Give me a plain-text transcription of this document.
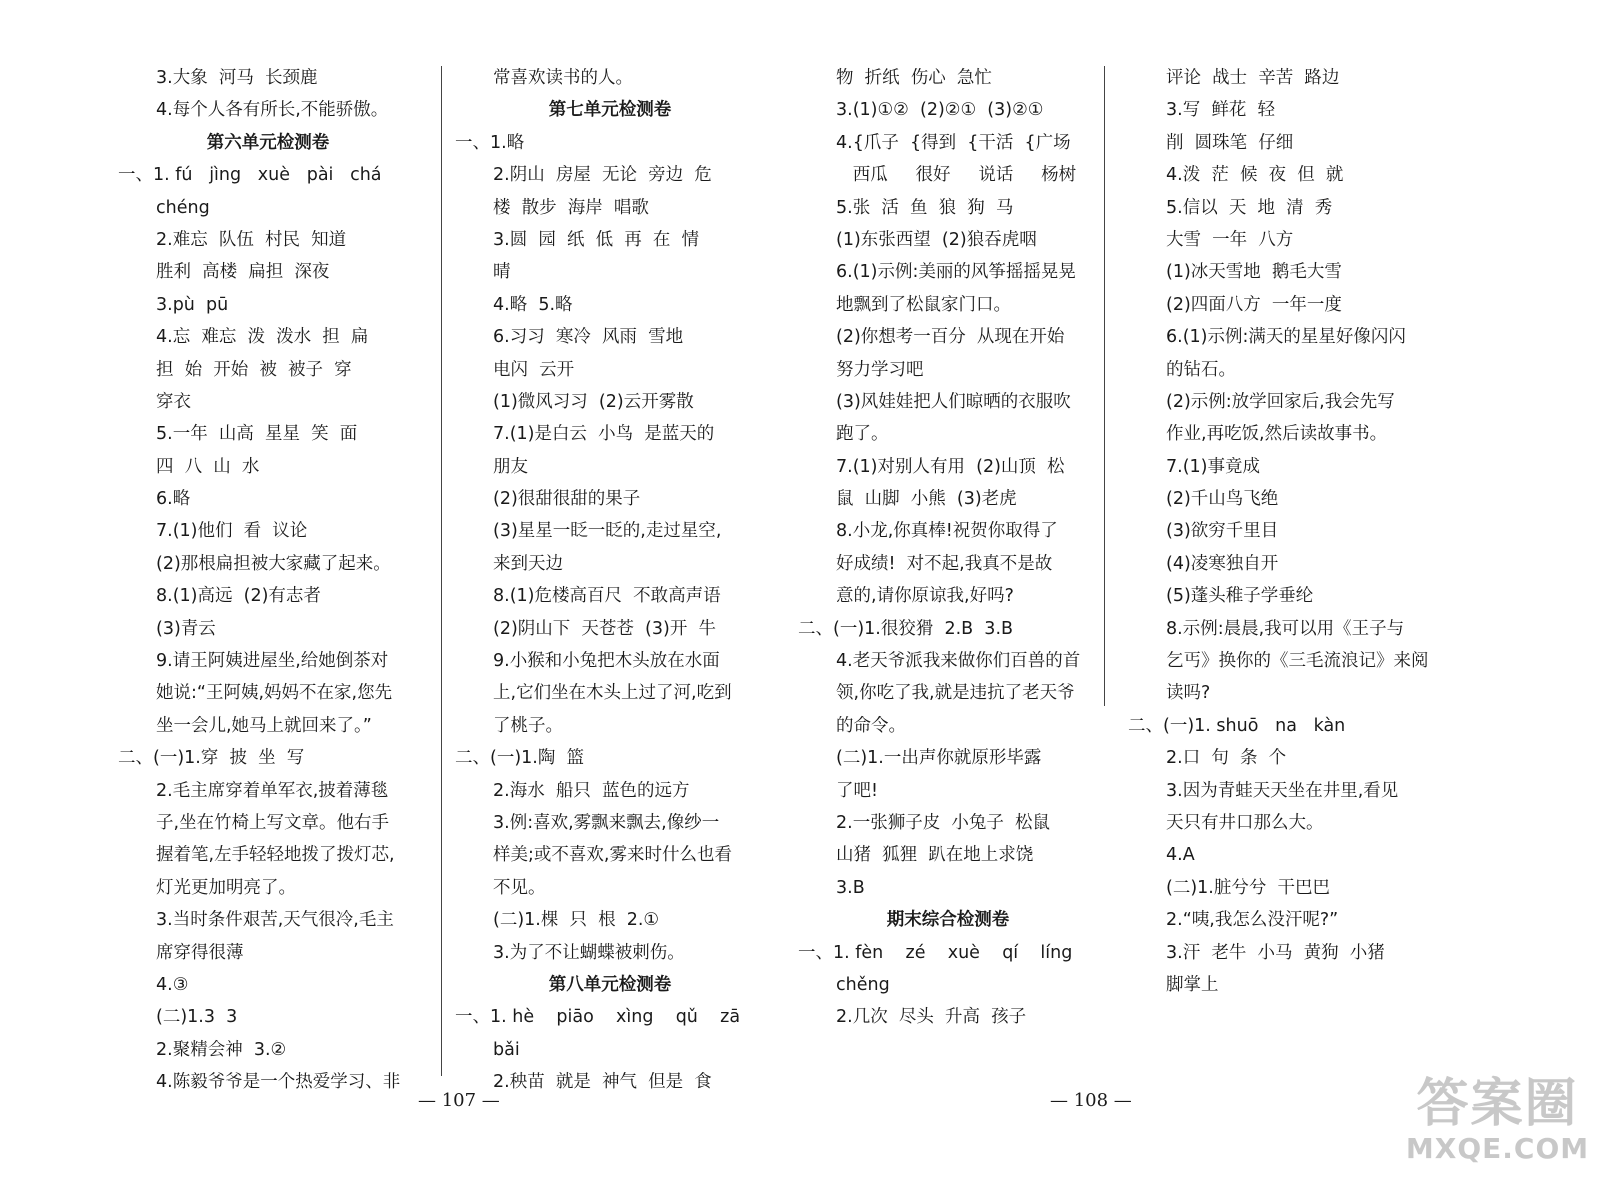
3.大象  河马  长颈鹿
4.每个人各有所长,不能骄傲。
第六单元检测卷
一、1. fú   jìng   xuè   pài   chá
chéng
2.难忘  队伍  村民  知道
胜利  高楼  扁担  深夜
3.pù  pū
4.忘  难忘  泼  泼水  担  扁
担  始  开始  被  被子  穿
穿衣
5.一年  山高  星星  笑  面
四  八  山  水
6.略
7.(1)他们  看  议论
(2)那根扁担被大家藏了起来。
8.(1)高远  (2)有志者
(3)青云
9.请王阿姨进屋坐,给她倒茶对
她说:“王阿姨,妈妈不在家,您先
坐一会儿,她马上就回来了。”
二、(一)1.穿  披  坐  写
2.毛主席穿着单军衣,披着薄毯
子,坐在竹椅上写文章。他右手
握着笔,左手轻轻地拨了拨灯芯,
灯光更加明亮了。
3.当时条件艰苦,天气很冷,毛主
席穿得很薄
4.③
(二)1.3  3
2.聚精会神  3.②
4.陈毅爷爷是一个热爱学习、非
常喜欢读书的人。
第七单元检测卷
一、1.略
2.阴山  房屋  无论  旁边  危
楼  散步  海岸  唱歌
3.圆  园  纸  低  再  在  情
晴
4.略  5.略
6.习习  寒冷  风雨  雪地
电闪  云开
(1)微风习习  (2)云开雾散
7.(1)是白云  小鸟  是蓝天的
朋友
(2)很甜很甜的果子
(3)星星一眨一眨的,走过星空,
来到天边
8.(1)危楼高百尺  不敢高声语
(2)阴山下  天苍苍  (3)开  牛
9.小猴和小兔把木头放在水面
上,它们坐在木头上过了河,吃到
了桃子。
二、(一)1.陶  篮
2.海水  船只  蓝色的远方
3.例:喜欢,雾飘来飘去,像纱一
样美;或不喜欢,雾来时什么也看
不见。
(二)1.棵  只  根  2.①
3.为了不让蝴蝶被刺伤。
第八单元检测卷
一、1. hè    piāo    xìng    qǔ    zā
bǎi
2.秧苗  就是  神气  但是  食
物  折纸  伤心  急忙
3.(1)①②  (2)②①  (3)②①
4.{爪子  {得到  {干活  {广场
西瓜     很好     说话     杨树
5.张  活  鱼  狼  狗  马
(1)东张西望  (2)狼吞虎咽
6.(1)示例:美丽的风筝摇摇晃晃
地飘到了松鼠家门口。
(2)你想考一百分  从现在开始
努力学习吧
(3)风娃娃把人们晾晒的衣服吹
跑了。
7.(1)对别人有用  (2)山顶  松
鼠  山脚  小熊  (3)老虎
8.小龙,你真棒!祝贺你取得了
好成绩!  对不起,我真不是故
意的,请你原谅我,好吗?
二、(一)1.很狡猾  2.B  3.B
4.老天爷派我来做你们百兽的首
领,你吃了我,就是违抗了老天爷
的命令。
(二)1.一出声你就原形毕露
了吧!
2.一张狮子皮  小兔子  松鼠
山猪  狐狸  趴在地上求饶
3.B
期末综合检测卷
一、1. fèn    zé    xuè    qí    líng
chěng
2.几次  尽头  升高  孩子
评论  战士  辛苦  路边
3.写  鲜花  轻
削  圆珠笔  仔细
4.泼  茫  候  夜  但  就
5.信以  天  地  清  秀
大雪  一年  八方
(1)冰天雪地  鹅毛大雪
(2)四面八方  一年一度
6.(1)示例:满天的星星好像闪闪
的钻石。
(2)示例:放学回家后,我会先写
作业,再吃饭,然后读故事书。
7.(1)事竟成
(2)千山鸟飞绝
(3)欲穷千里目
(4)凌寒独自开
(5)蓬头稚子学垂纶
8.示例:晨晨,我可以用《王子与
乞丐》换你的《三毛流浪记》来阅
读吗?
二、(一)1. shuō   na   kàn
2.口  句  条  个
3.因为青蛙天天坐在井里,看见
天只有井口那么大。
4.A
(二)1.脏兮兮  干巴巴
2.“咦,我怎么没汗呢?”
3.汗  老牛  小马  黄狗  小猪
脚掌上
— 107 —	— 108 —	答案圈
MXQE.COM
